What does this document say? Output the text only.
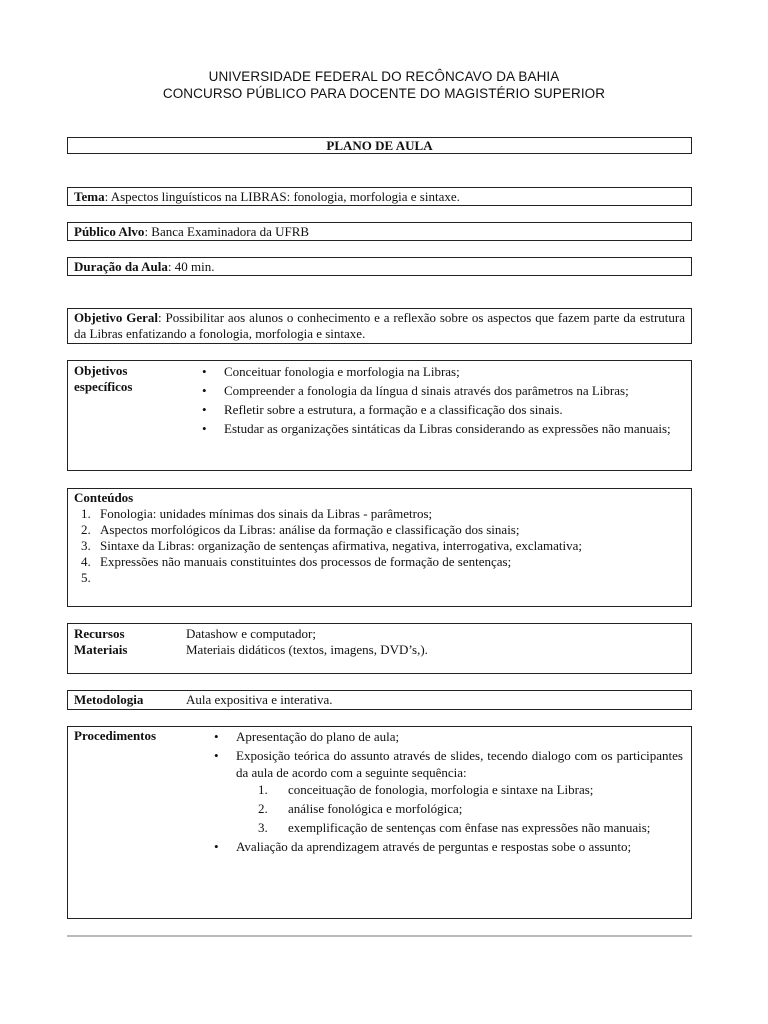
UNIVERSIDADE FEDERAL DO RECÔNCAVO DA BAHIA
CONCURSO PÚBLICO PARA DOCENTE DO MAGISTÉRIO SUPERIOR
PLANO DE AULA
Tema: Aspectos linguísticos na LIBRAS: fonologia, morfologia e sintaxe.
Público Alvo: Banca Examinadora da UFRB
Duração da Aula: 40 min.
Objetivo Geral: Possibilitar aos alunos o conhecimento e a reflexão sobre os aspectos que fazem parte da estrutura da Libras enfatizando a fonologia, morfologia e sintaxe.
Objetivos
específicos
• Conceituar fonologia e morfologia na Libras;
• Compreender a fonologia da língua d sinais através dos parâmetros na Libras;
• Refletir sobre a estrutura, a formação e a classificação dos sinais.
• Estudar as organizações sintáticas da Libras considerando as expressões não manuais;
Conteúdos
1. Fonologia: unidades mínimas dos sinais da Libras - parâmetros;
2. Aspectos morfológicos da Libras: análise da formação e classificação dos sinais;
3. Sintaxe da Libras: organização de sentenças afirmativa, negativa, interrogativa, exclamativa;
4. Expressões não manuais constituintes dos processos de formação de sentenças;
5.
Recursos
Materiais
Datashow e computador;
Materiais didáticos (textos, imagens, DVD’s,).
Metodologia	Aula expositiva e interativa.
Procedimentos	• Apresentação do plano de aula;
• Exposição teórica do assunto através de slides, tecendo dialogo com os participantes da aula de acordo com a seguinte sequência:
1. conceituação de fonologia, morfologia e sintaxe na Libras;
2. análise fonológica e morfológica;
3. exemplificação de sentenças com ênfase nas expressões não manuais;
• Avaliação da aprendizagem através de perguntas e respostas sobe o assunto;
